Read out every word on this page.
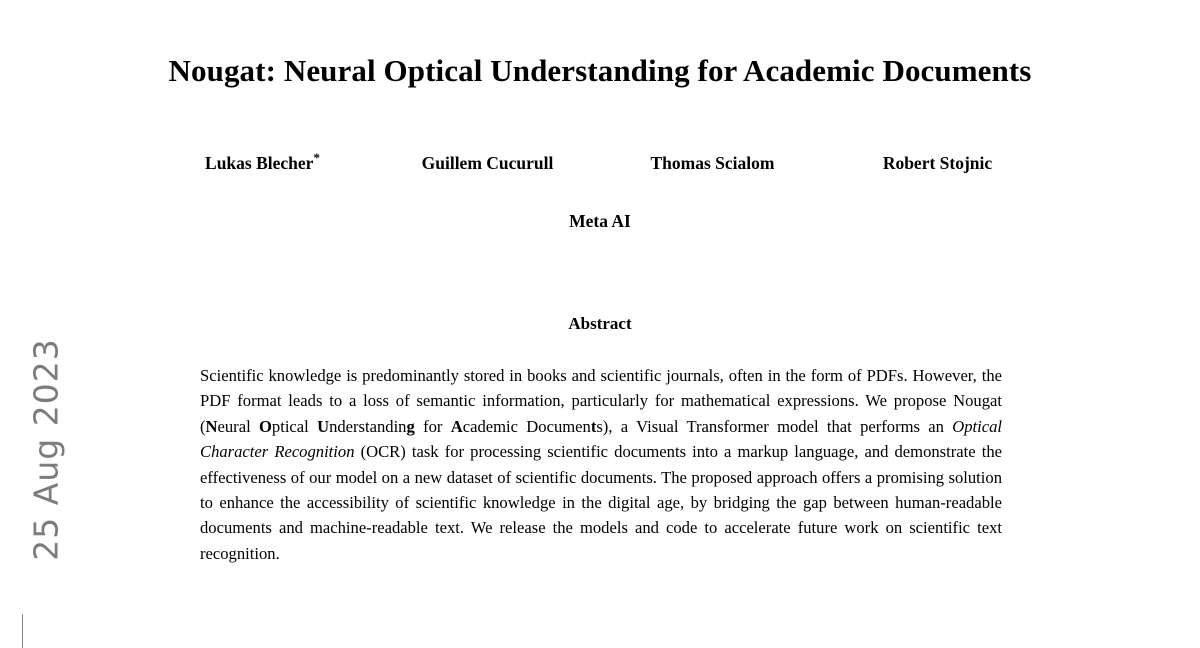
25 Aug 2023
Nougat: Neural Optical Understanding for Academic Documents
Lukas Blecher*	Guillem Cucurull	Thomas Scialom	Robert Stojnic
Meta AI
Abstract
Scientific knowledge is predominantly stored in books and scientific journals, often in the form of PDFs. However, the PDF format leads to a loss of semantic information, particularly for mathematical expressions. We propose Nougat (Neural Optical Understanding for Academic Documents), a Visual Transformer model that performs an Optical Character Recognition (OCR) task for processing scientific documents into a markup language, and demonstrate the effectiveness of our model on a new dataset of scientific documents. The proposed approach offers a promising solution to enhance the accessibility of scientific knowledge in the digital age, by bridging the gap between human-readable documents and machine-readable text. We release the models and code to accelerate future work on scientific text recognition.
